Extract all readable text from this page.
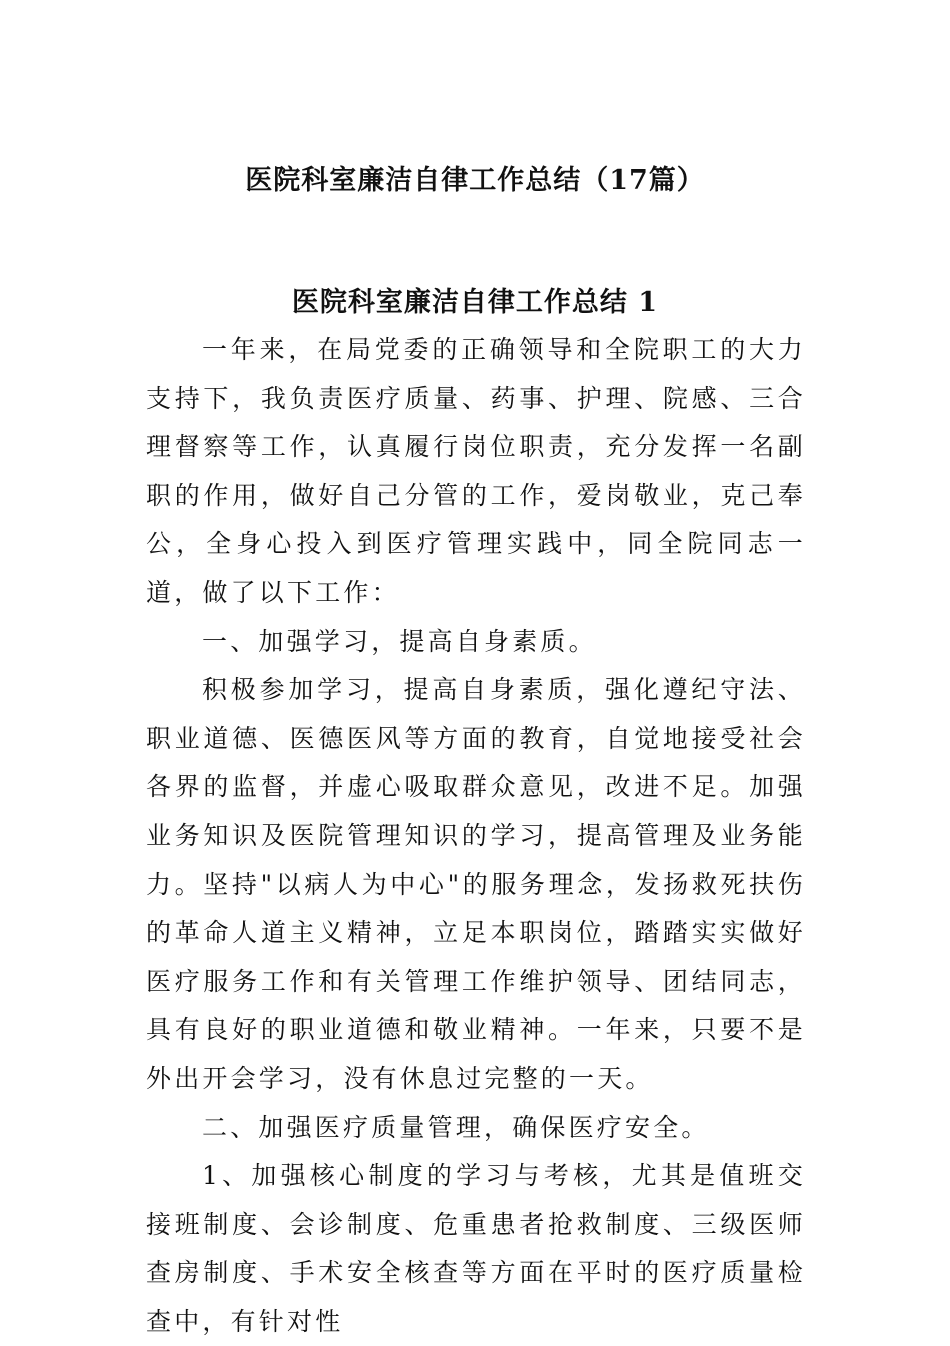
医院科室廉洁自律工作总结（17篇）
医院科室廉洁自律工作总结 1

一年来，在局党委的正确领导和全院职工的大力支持下，我负责医疗质量、药事、护理、院感、三合理督察等工作，认真履行岗位职责，充分发挥一名副职的作用，做好自己分管的工作，爱岗敬业，克己奉公，全身心投入到医疗管理实践中，同全院同志一道，做了以下工作：

一、加强学习，提高自身素质。

积极参加学习，提高自身素质，强化遵纪守法、职业道德、医德医风等方面的教育，自觉地接受社会各界的监督，并虚心吸取群众意见，改进不足。加强业务知识及医院管理知识的学习，提高管理及业务能力。坚持"以病人为中心"的服务理念，发扬救死扶伤的革命人道主义精神，立足本职岗位，踏踏实实做好医疗服务工作和有关管理工作维护领导、团结同志，具有良好的职业道德和敬业精神。一年来，只要不是外出开会学习，没有休息过完整的一天。

二、加强医疗质量管理，确保医疗安全。

1、加强核心制度的学习与考核，尤其是值班交接班制度、会诊制度、危重患者抢救制度、三级医师查房制度、手术安全核查等方面在平时的医疗质量检查中，有针对性
